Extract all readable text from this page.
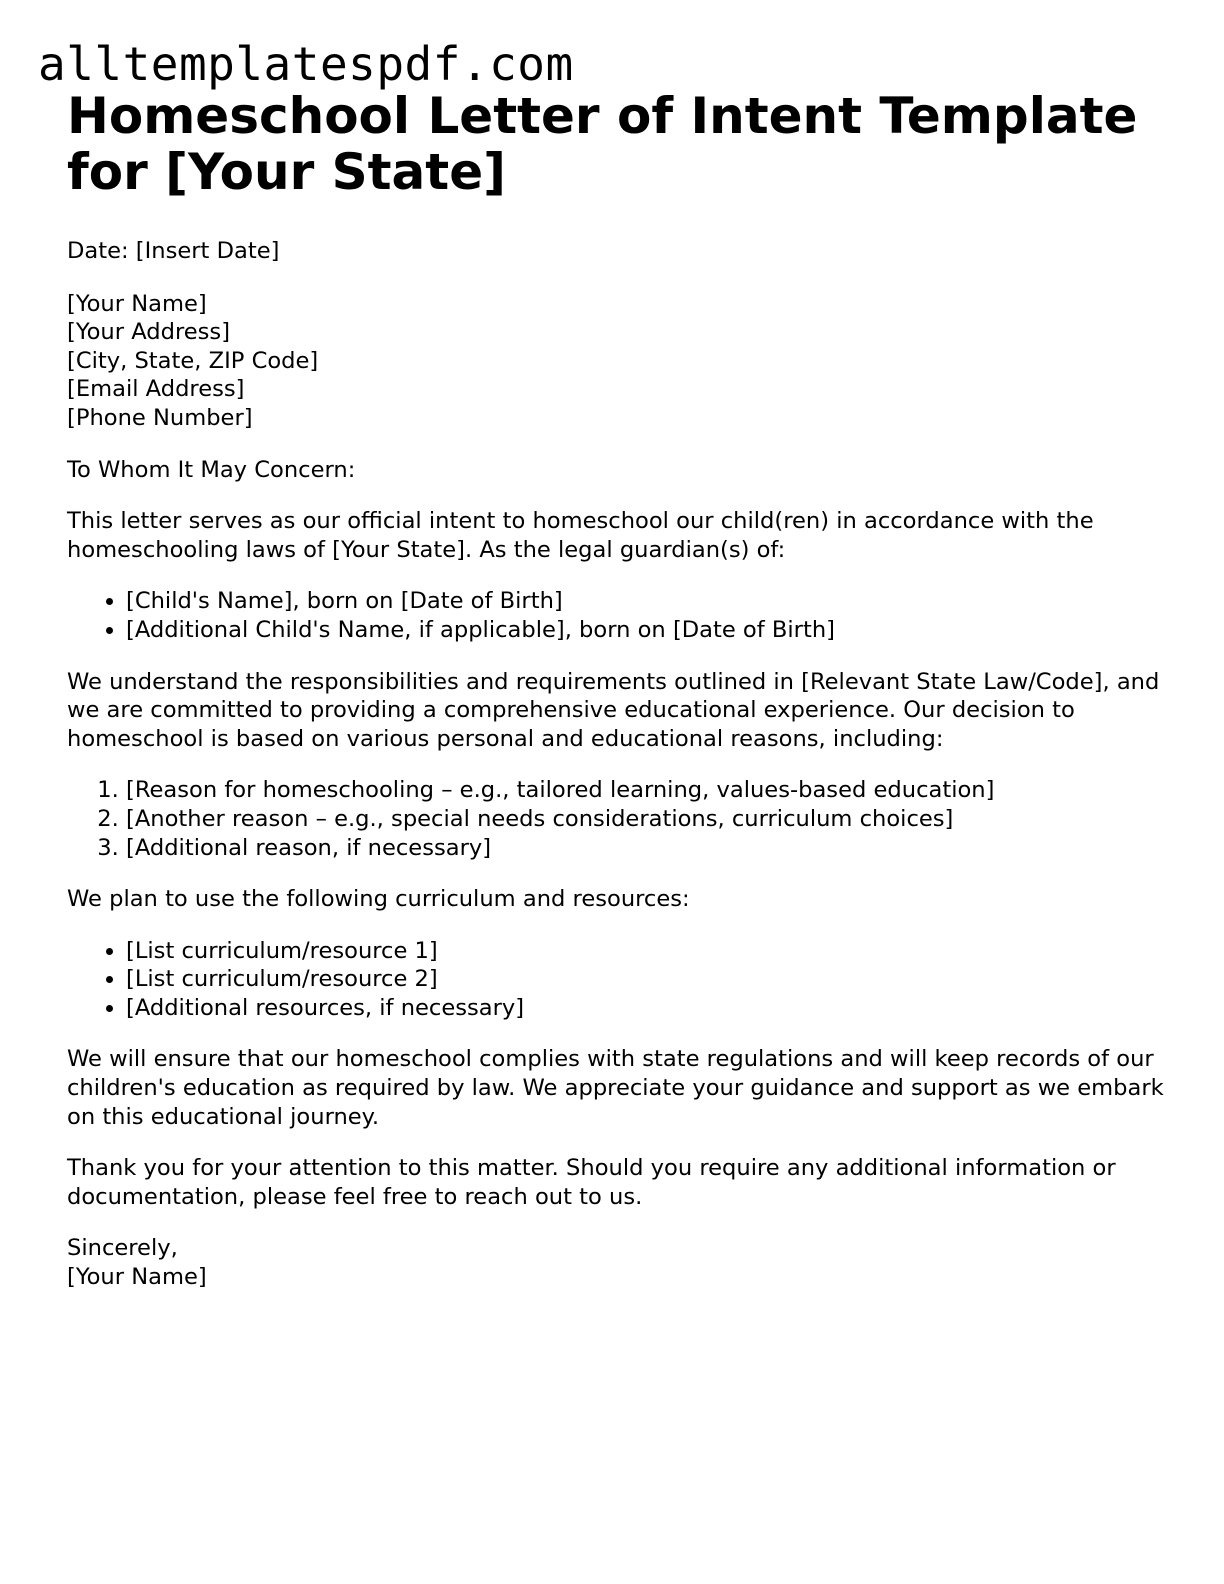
alltemplatespdf.com
Homeschool Letter of Intent Template for [Your State]

Date: [Insert Date]

[Your Name]
[Your Address]
[City, State, ZIP Code]
[Email Address]
[Phone Number]

To Whom It May Concern:

This letter serves as our official intent to homeschool our child(ren) in accordance with the homeschooling laws of [Your State]. As the legal guardian(s) of:

• [Child's Name], born on [Date of Birth]
• [Additional Child's Name, if applicable], born on [Date of Birth]

We understand the responsibilities and requirements outlined in [Relevant State Law/Code], and we are committed to providing a comprehensive educational experience. Our decision to homeschool is based on various personal and educational reasons, including:

1. [Reason for homeschooling – e.g., tailored learning, values-based education]
2. [Another reason – e.g., special needs considerations, curriculum choices]
3. [Additional reason, if necessary]

We plan to use the following curriculum and resources:

• [List curriculum/resource 1]
• [List curriculum/resource 2]
• [Additional resources, if necessary]

We will ensure that our homeschool complies with state regulations and will keep records of our children's education as required by law. We appreciate your guidance and support as we embark on this educational journey.

Thank you for your attention to this matter. Should you require any additional information or documentation, please feel free to reach out to us.

Sincerely,
[Your Name]
